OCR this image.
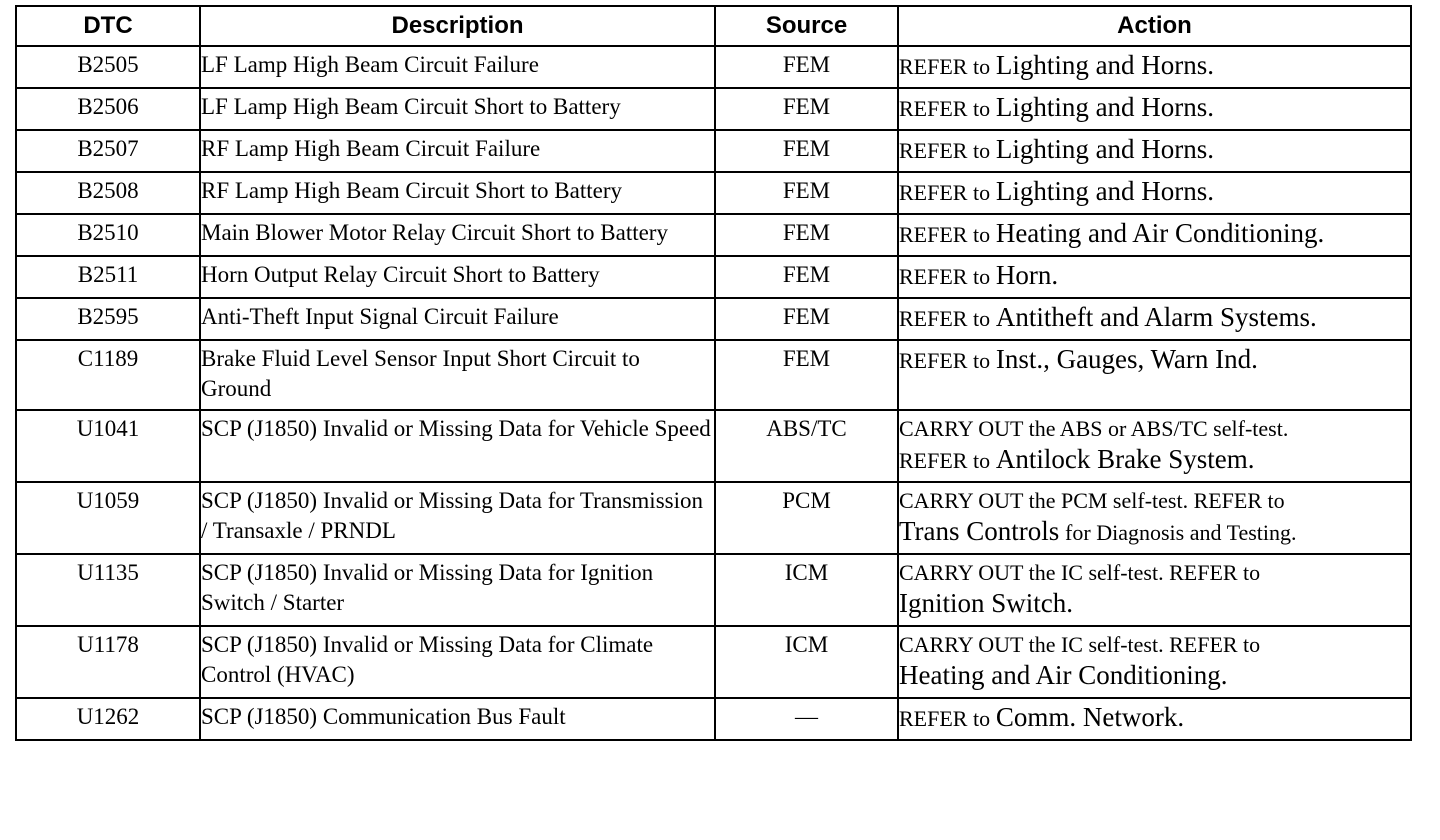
DTC	Description	Source	Action
B2505	LF Lamp High Beam Circuit Failure	FEM	REFER to Lighting and Horns.
B2506	LF Lamp High Beam Circuit Short to Battery	FEM	REFER to Lighting and Horns.
B2507	RF Lamp High Beam Circuit Failure	FEM	REFER to Lighting and Horns.
B2508	RF Lamp High Beam Circuit Short to Battery	FEM	REFER to Lighting and Horns.
B2510	Main Blower Motor Relay Circuit Short to Battery	FEM	REFER to Heating and Air Conditioning.
B2511	Horn Output Relay Circuit Short to Battery	FEM	REFER to Horn.
B2595	Anti-Theft Input Signal Circuit Failure	FEM	REFER to Antitheft and Alarm Systems.
C1189	Brake Fluid Level Sensor Input Short Circuit to Ground	FEM	REFER to Inst., Gauges, Warn Ind.
U1041	SCP (J1850) Invalid or Missing Data for Vehicle Speed	ABS/TC	CARRY OUT the ABS or ABS/TC self-test.
REFER to Antilock Brake System.

U1059	SCP (J1850) Invalid or Missing Data for Transmission / Transaxle / PRNDL	PCM	CARRY OUT the PCM self-test. REFER to
Trans Controls for Diagnosis and Testing.

U1135	SCP (J1850) Invalid or Missing Data for Ignition Switch / Starter	ICM	CARRY OUT the IC self-test. REFER to
Ignition Switch.

U1178	SCP (J1850) Invalid or Missing Data for Climate Control (HVAC)	ICM	CARRY OUT the IC self-test. REFER to
Heating and Air Conditioning.

U1262	SCP (J1850) Communication Bus Fault	—	REFER to Comm. Network.
